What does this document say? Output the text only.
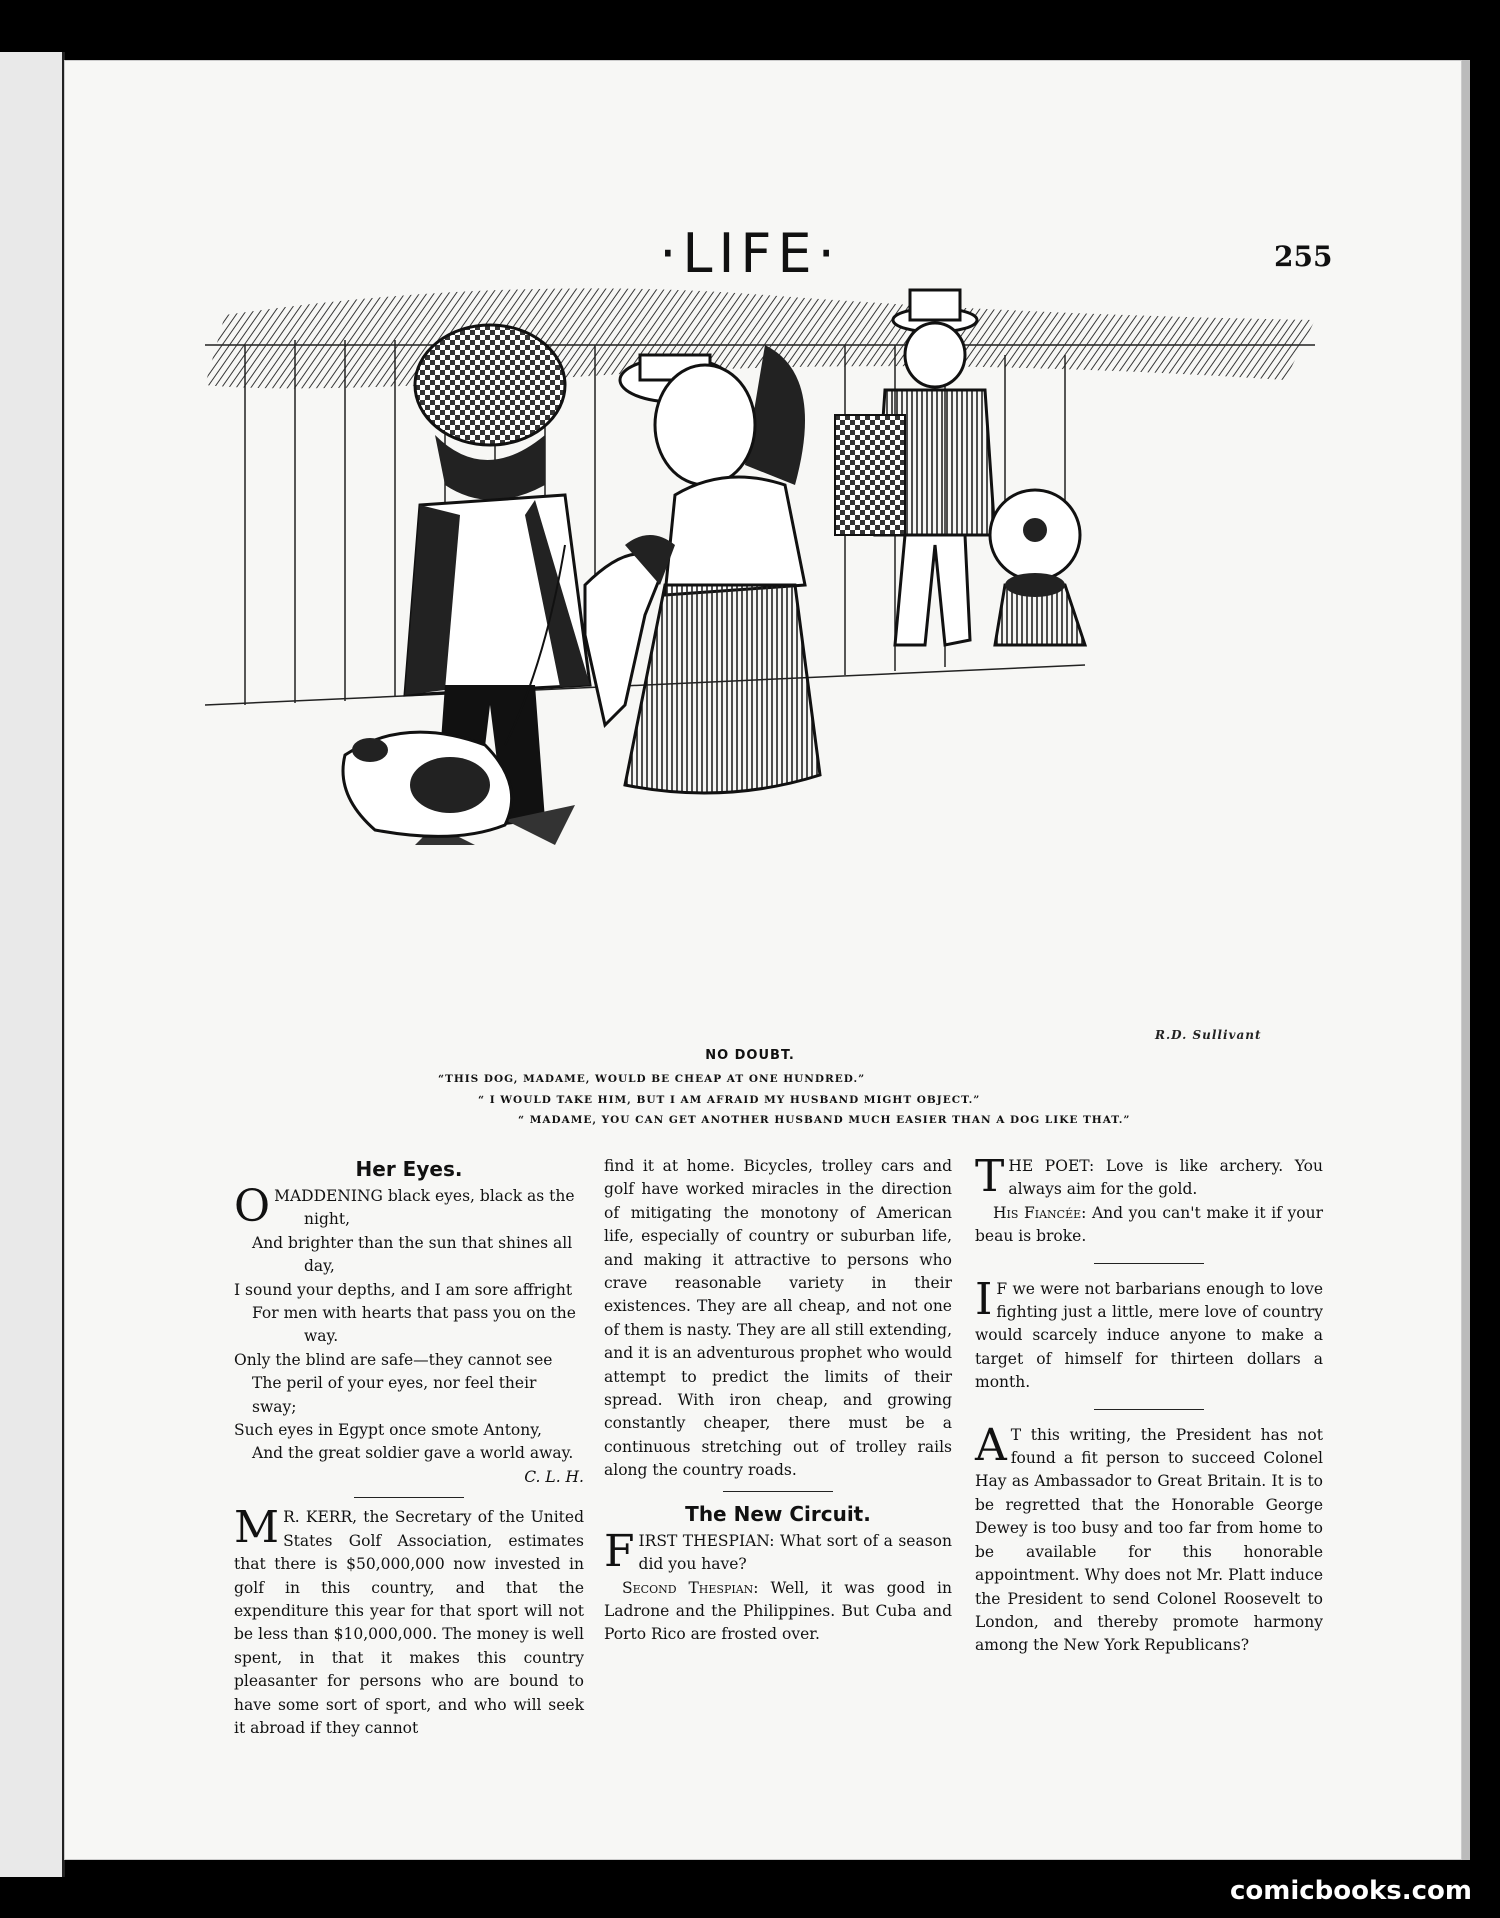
·LIFE·	255
R.D. Sullivant
NO DOUBT.
“THIS DOG, MADAME, WOULD BE CHEAP AT ONE HUNDRED.”
“ I WOULD TAKE HIM, BUT I AM AFRAID MY HUSBAND MIGHT OBJECT.”
“ MADAME, YOU CAN GET ANOTHER HUSBAND MUCH EASIER THAN A DOG LIKE THAT.”
Her Eyes.
O MADDENING black eyes, black as the

night,

And brighter than the sun that shines all

day,

I sound your depths, and I am sore affright

For men with hearts that pass you on the

way.

Only the blind are safe—they cannot see

The peril of your eyes, nor feel their sway;

Such eyes in Egypt once smote Antony,

And the great soldier gave a world away.

C. L. H.

M R. KERR, the Secretary of the United States Golf Association, estimates that there is $50,000,000 now invested in golf in this country, and that the expenditure this year for that sport will not be less than $10,000,000. The money is well spent, in that it makes this country pleasanter for persons who are bound to have some sort of sport, and who will seek it abroad if they cannot

find it at home. Bicycles, trolley cars and golf have worked miracles in the direction of mitigating the monotony of American life, especially of country or suburban life, and making it attractive to persons who crave reasonable variety in their existences. They are all cheap, and not one of them is nasty. They are all still extending, and it is an adventurous prophet who would attempt to predict the limits of their spread. With iron cheap, and growing constantly cheaper, there must be a continuous stretching out of trolley rails along the country roads.

The New Circuit.

FIRST THESPIAN: What sort of a season did you have?

Second Thespian: Well, it was good in Ladrone and the Philippines. But Cuba and Porto Rico are frosted over.

THE POET: Love is like archery. You always aim for the gold.

His Fiancée: And you can't make it if your beau is broke.

I F we were not barbarians enough to love fighting just a little, mere love of country would scarcely induce anyone to make a target of himself for thirteen dollars a month.

A T this writing, the President has not found a fit person to succeed Colonel Hay as Ambassador to Great Britain. It is to be regretted that the Honorable George Dewey is too busy and too far from home to be available for this honorable appointment. Why does not Mr. Platt induce the President to send Colonel Roosevelt to London, and thereby promote harmony among the New York Republicans?

comicbooks.com
